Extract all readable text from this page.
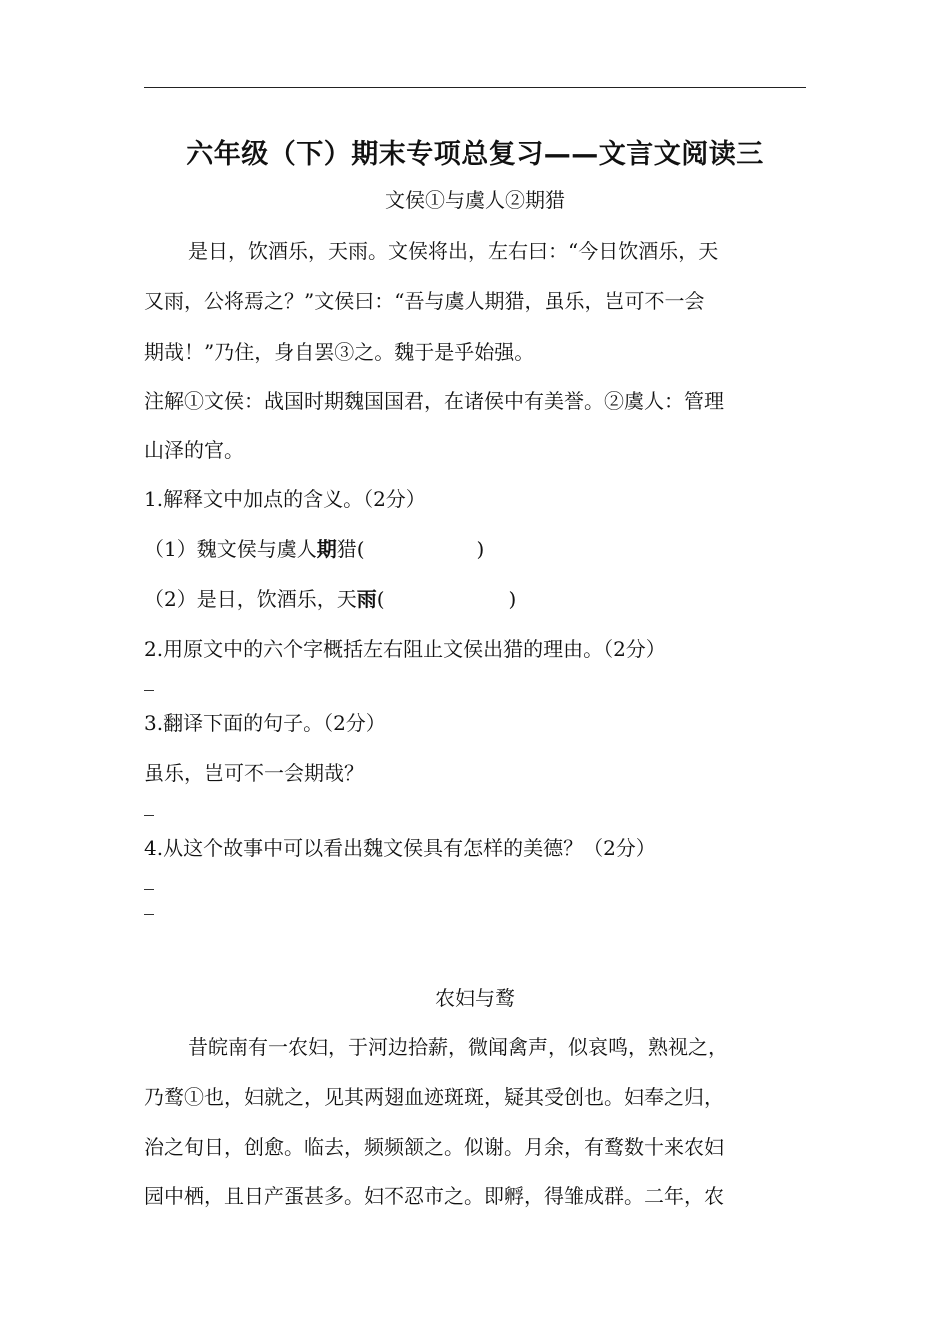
六年级（下）期末专项总复习——文言文阅读三
文侯①与虞人②期猎
是日，饮酒乐，天雨。文侯将出，左右曰：“今日饮酒乐，天
又雨，公将焉之？”文侯曰：“吾与虞人期猎，虽乐，岂可不一会
期哉！”乃住，身自罢③之。魏于是乎始强。
注解①文侯：战国时期魏国国君，在诸侯中有美誉。②虞人：管理
山泽的官。
1.解释文中加点的含义。（2分）
（1）魏文侯与虞人期猎(	)
（2）是日，饮酒乐，天雨(	)
2.用原文中的六个字概括左右阻止文侯出猎的理由。（2分）
3.翻译下面的句子。（2分）
虽乐，岂可不一会期哉？
4.从这个故事中可以看出魏文侯具有怎样的美德？（2分）
农妇与鹜
昔皖南有一农妇，于河边拾薪，微闻禽声，似哀鸣，熟视之，
乃鹜①也，妇就之，见其两翅血迹斑斑，疑其受创也。妇奉之归，
治之旬日，创愈。临去，频频颔之。似谢。月余，有鹜数十来农妇
园中栖，且日产蛋甚多。妇不忍市之。即孵，得雏成群。二年，农
